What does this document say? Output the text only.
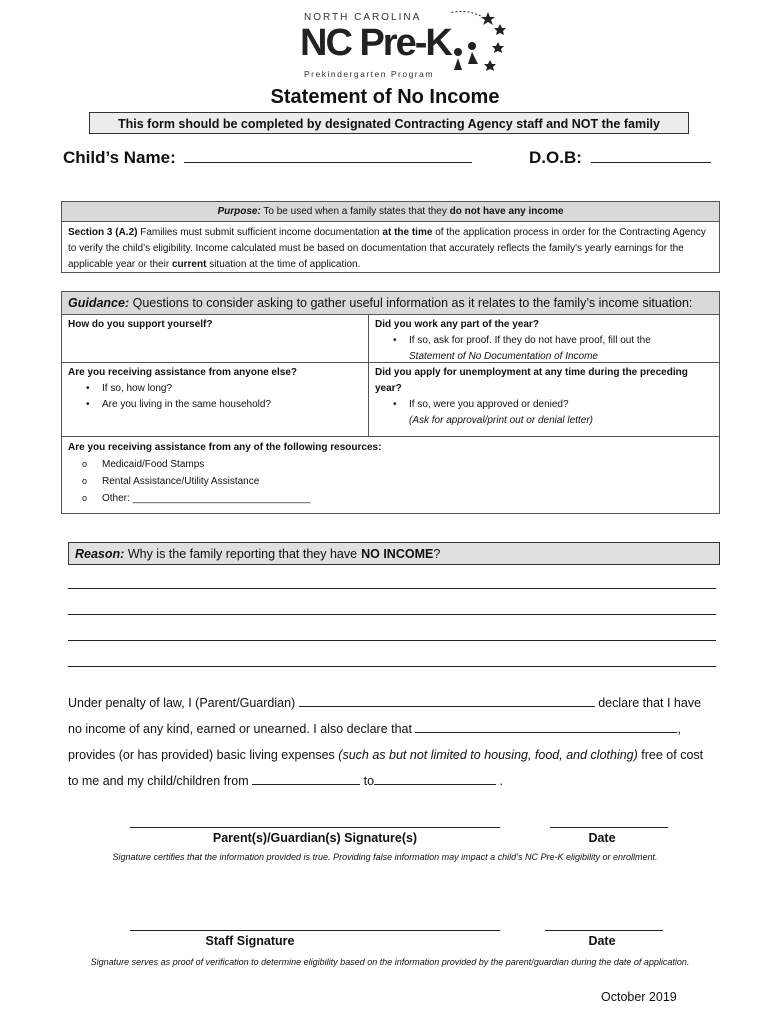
NORTH CAROLINA
NC Pre-K
Prekindergarten Program
Statement of No Income
This form should be completed by designated Contracting Agency staff and NOT the family
Child’s Name:	D.O.B:
Purpose: To be used when a family states that they do not have any income
Section 3 (A.2) Families must submit sufficient income documentation at the time of the application process in order for the Contracting Agency to verify the child’s eligibility. Income calculated must be based on documentation that accurately reflects the family's yearly earnings for the applicable year or their current situation at the time of application.
Guidance: Questions to consider asking to gather useful information as it relates to the family’s income situation:
How do you support yourself?	Did you work any part of the year?
• If so, ask for proof. If they do not have proof, fill out the
Statement of No Documentation of Income
Are you receiving assistance from anyone else?
• If so, how long?
• Are you living in the same household?
Did you apply for unemployment at any time during the preceding year?
• If so, were you approved or denied?
(Ask for approval/print out or denial letter)
Are you receiving assistance from any of the following resources:
o Medicaid/Food Stamps
o Rental Assistance/Utility Assistance
o Other: ________________________________
Reason: Why is the family reporting that they have NO INCOME?
Under penalty of law, I (Parent/Guardian)	declare that I have
no income of any kind, earned or unearned. I also declare that	,
provides (or has provided) basic living expenses (such as but not limited to housing, food, and clothing) free of cost
to me and my child/children from	to	.
Parent(s)/Guardian(s) Signature(s)	Date
Signature certifies that the information provided is true. Providing false information may impact a child’s NC Pre-K eligibility or enrollment.
Staff Signature	Date
Signature serves as proof of verification to determine eligibility based on the information provided by the parent/guardian during the date of application.
October 2019
